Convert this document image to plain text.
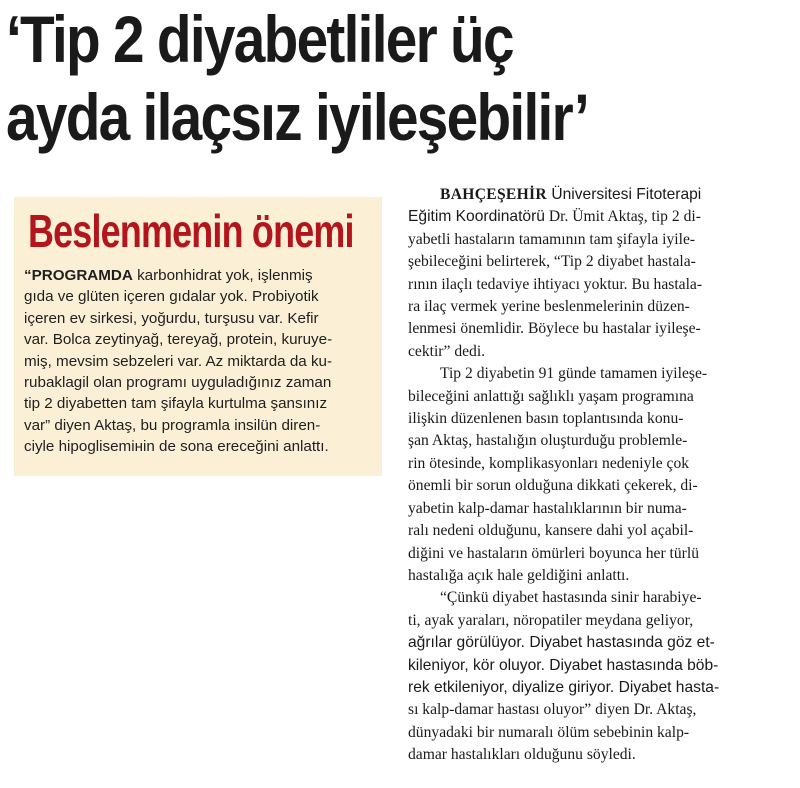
‘Tip 2 diyabetliler üç
ayda ilaçsız iyileşebilir’
Beslenmenin önemi
“PROGRAMDA karbonhidrat yok, işlenmiş
gıda ve glüten içeren gıdalar yok. Probiyotik
içeren ev sirkesi, yoğurdu, turşusu var. Kefir
var. Bolca zeytinyağ, tereyağ, protein, kuruye-
miş, mevsim sebzeleri var. Az miktarda da ku-
rubaklagil olan programı uyguladığınız zaman
tip 2 diyabetten tam şifayla kurtulma şansınız
var” diyen Aktaş, bu programla insilün diren-
ciyle hipoglisemінin de sona ereceğini anlattı.
BAHÇEŞEHİR Üniversitesi Fitoterapi
Eğitim Koordinatörü Dr. Ümit Aktaş, tip 2 di-
yabetli hastaların tamamının tam şifayla iyile-
şebileceğini belirterek, “Tip 2 diyabet hastala-
rının ilaçlı tedaviye ihtiyacı yoktur. Bu hastala-
ra ilaç vermek yerine beslenmelerinin düzen-
lenmesi önemlidir. Böylece bu hastalar iyileşe-
cektir” dedi.
Tip 2 diyabetin 91 günde tamamen iyileşe-
bileceğini anlattığı sağlıklı yaşam programına
ilişkin düzenlenen basın toplantısında konu-
şan Aktaş, hastalığın oluşturduğu problemle-
rin ötesinde, komplikasyonları nedeniyle çok
önemli bir sorun olduğuna dikkati çekerek, di-
yabetin kalp-damar hastalıklarının bir numa-
ralı nedeni olduğunu, kansere dahi yol açabil-
diğini ve hastaların ömürleri boyunca her türlü
hastalığa açık hale geldiğini anlattı.
“Çünkü diyabet hastasında sinir harabiye-
ti, ayak yaraları, nöropatiler meydana geliyor,
ağrılar görülüyor. Diyabet hastasında göz et-
kileniyor, kör oluyor. Diyabet hastasında böb-
rek etkileniyor, diyalize giriyor. Diyabet hasta-
sı kalp-damar hastası oluyor” diyen Dr. Aktaş,
dünyadaki bir numaralı ölüm sebebinin kalp-
damar hastalıkları olduğunu söyledi.
